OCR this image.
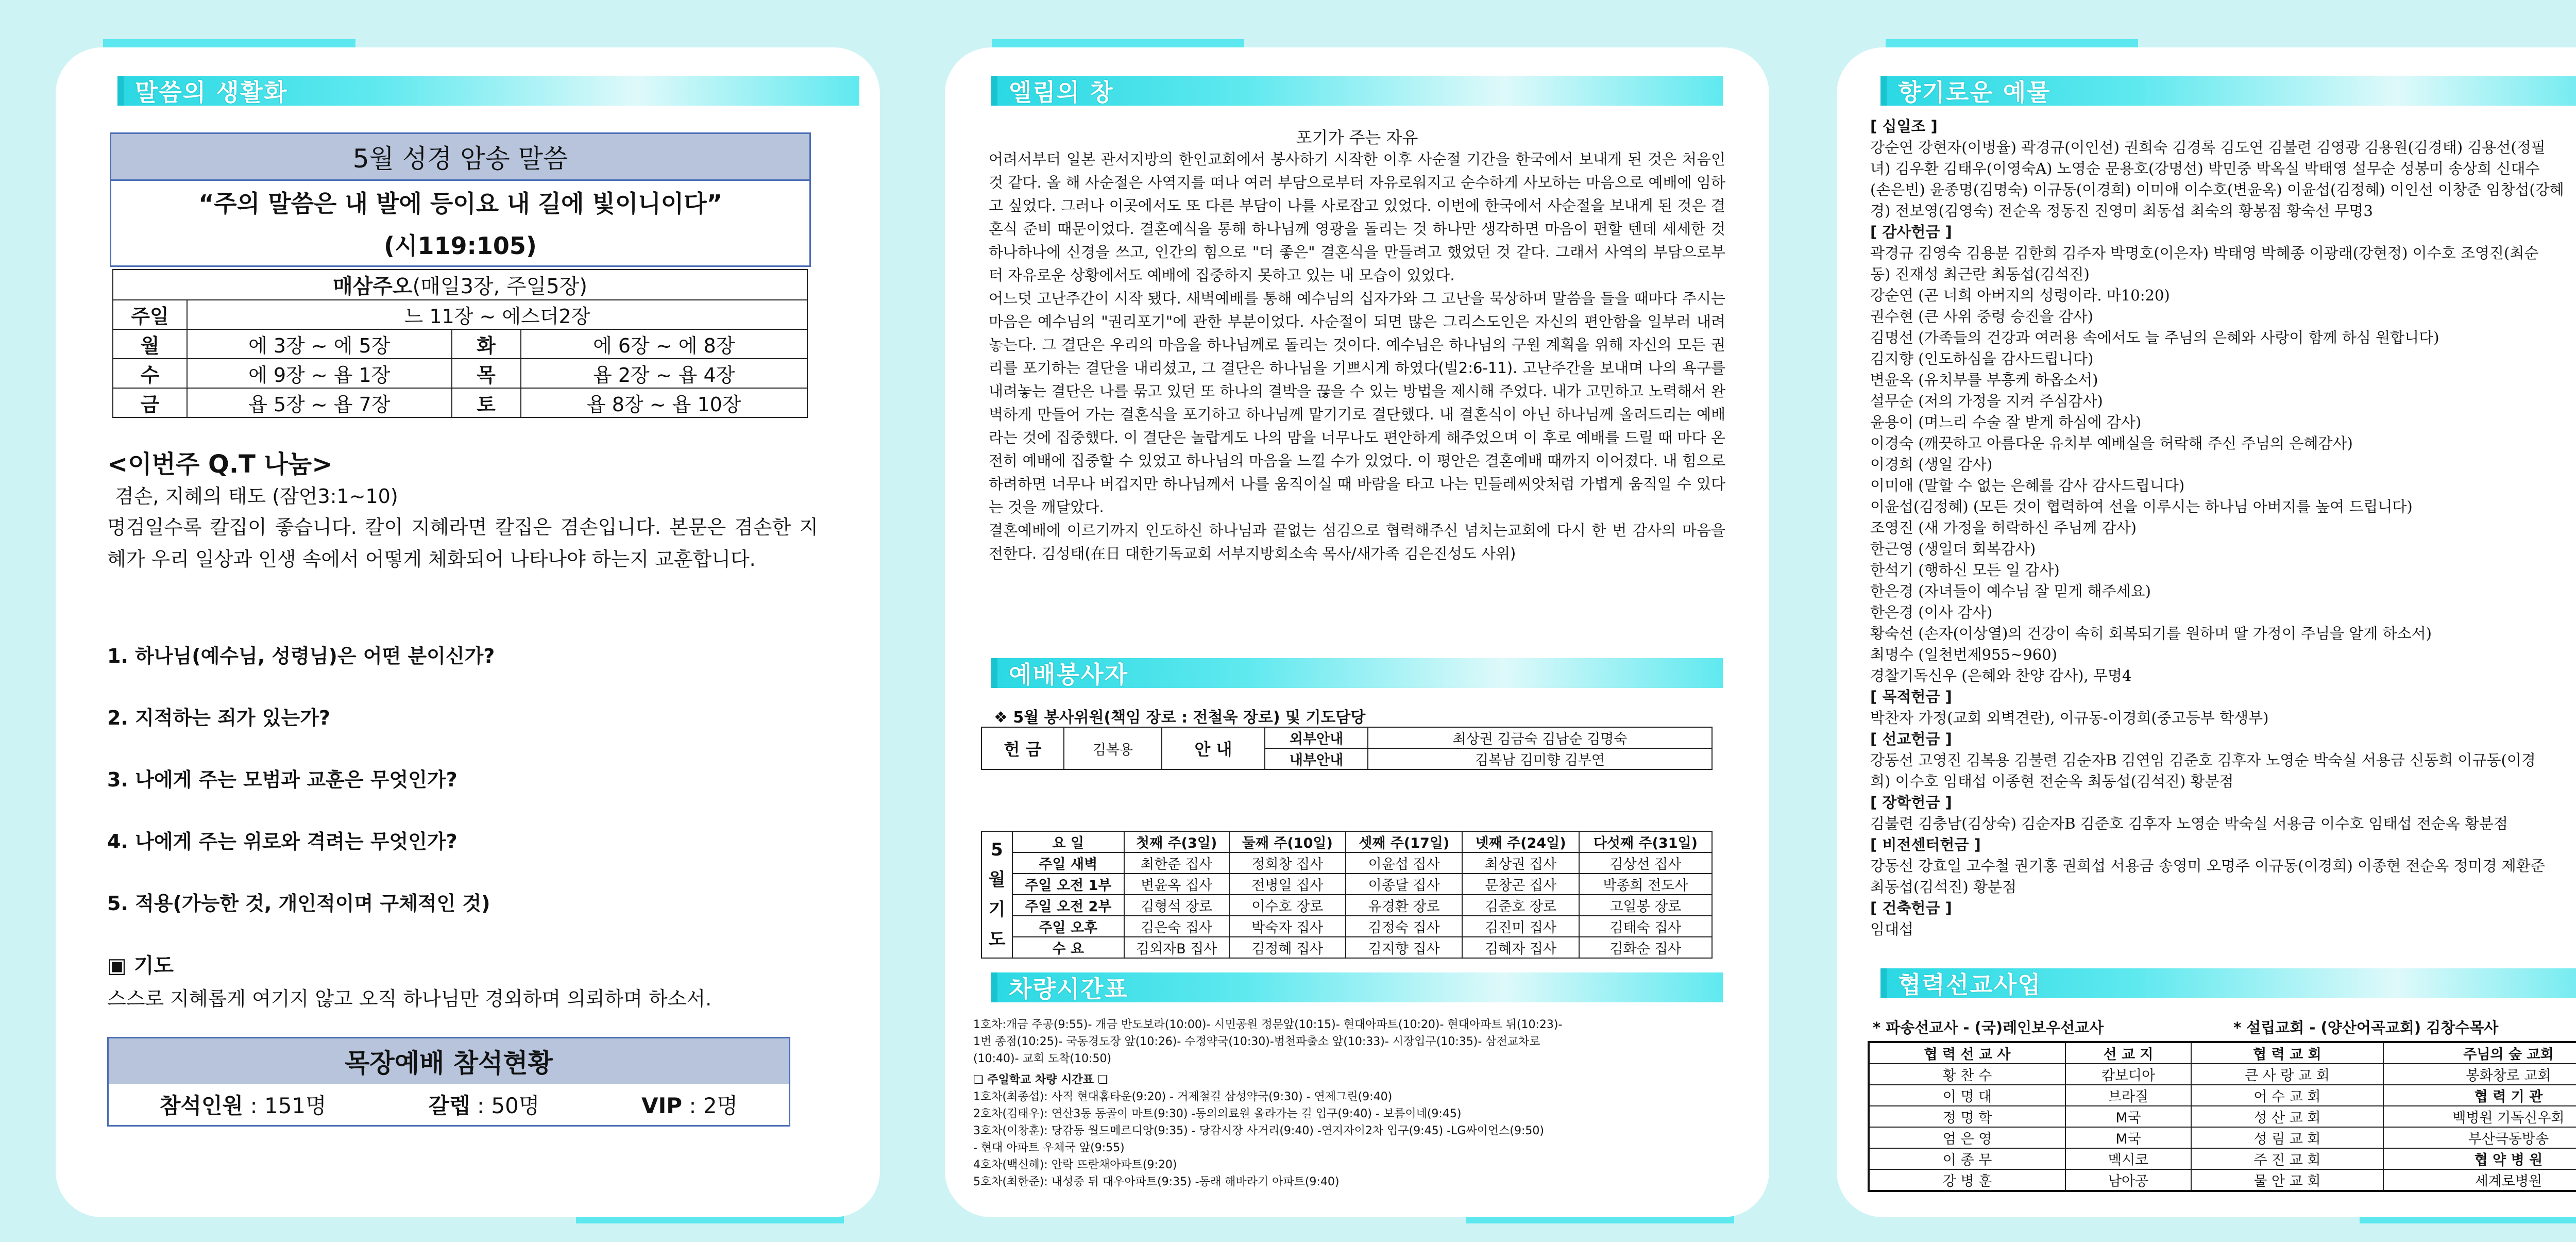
말씀의 생활화
5월 성경 암송 말씀
“주의 말씀은 내 발에 등이요 내 길에 빛이니이다”
(시119:105)
매삼주오(매일3장, 주일5장)			
주일	느 11장 ~ 에스더2장		
월	에 3장 ~ 에 5장	화	에 6장 ~ 에 8장
수	에 9장 ~ 욥 1장	목	욥 2장 ~ 욥 4장
금	욥 5장 ~ 욥 7장	토	욥 8장 ~ 욥 10장
<이번주 Q.T 나눔>
겸손, 지혜의 태도 (잠언3:1~10)
명검일수록 칼집이 좋습니다. 칼이 지혜라면 칼집은 겸손입니다. 본문은 겸손한 지혜가 우리 일상과 인생 속에서 어떻게 체화되어 나타나야 하는지 교훈합니다.
1. 하나님(예수님, 성령님)은 어떤 분이신가?
2. 지적하는 죄가 있는가?
3. 나에게 주는 모범과 교훈은 무엇인가?
4. 나에게 주는 위로와 격려는 무엇인가?
5. 적용(가능한 것, 개인적이며 구체적인 것)
▣ 기도
스스로 지혜롭게 여기지 않고 오직 하나님만 경외하며 의뢰하며 하소서.
목장예배 참석현황
참석인원 : 151명	갈렙 : 50명	VIP : 2명
엘림의 창
포기가 주는 자유

어려서부터 일본 관서지방의 한인교회에서 봉사하기 시작한 이후 사순절 기간을 한국에서 보내게 된 것은 처음인 것 같다. 올 해 사순절은 사역지를 떠나 여러 부담으로부터 자유로워지고 순수하게 사모하는 마음으로 예배에 임하고 싶었다. 그러나 이곳에서도 또 다른 부담이 나를 사로잡고 있었다. 이번에 한국에서 사순절을 보내게 된 것은 결혼식 준비 때문이었다. 결혼예식을 통해 하나님께 영광을 돌리는 것 하나만 생각하면 마음이 편할 텐데 세세한 것 하나하나에 신경을 쓰고, 인간의 힘으로 "더 좋은" 결혼식을 만들려고 했었던 것 같다. 그래서 사역의 부담으로부터 자유로운 상황에서도 예배에 집중하지 못하고 있는 내 모습이 있었다.

어느덧 고난주간이 시작 됐다. 새벽예배를 통해 예수님의 십자가와 그 고난을 묵상하며 말씀을 들을 때마다 주시는 마음은 예수님의 "권리포기"에 관한 부분이었다. 사순절이 되면 많은 그리스도인은 자신의 편안함을 일부러 내려놓는다. 그 결단은 우리의 마음을 하나님께로 돌리는 것이다. 예수님은 하나님의 구원 계획을 위해 자신의 모든 권리를 포기하는 결단을 내리셨고, 그 결단은 하나님을 기쁘시게 하였다(빌2:6-11). 고난주간을 보내며 나의 욕구를 내려놓는 결단은 나를 묶고 있던 또 하나의 결박을 끊을 수 있는 방법을 제시해 주었다. 내가 고민하고 노력해서 완벽하게 만들어 가는 결혼식을 포기하고 하나님께 맡기기로 결단했다. 내 결혼식이 아닌 하나님께 올려드리는 예배라는 것에 집중했다. 이 결단은 놀랍게도 나의 맘을 너무나도 편안하게 해주었으며 이 후로 예배를 드릴 때 마다 온전히 예배에 집중할 수 있었고 하나님의 마음을 느낄 수가 있었다. 이 평안은 결혼예배 때까지 이어졌다. 내 힘으로 하려하면 너무나 버겁지만 하나님께서 나를 움직이실 때 바람을 타고 나는 민들레씨앗처럼 가볍게 움직일 수 있다는 것을 깨달았다.

결혼예배에 이르기까지 인도하신 하나님과 끝없는 섬김으로 협력해주신 넘치는교회에 다시 한 번 감사의 마음을 전한다. 김성태(在日 대한기독교회 서부지방회소속 목사/새가족 김은진성도 사위)

예배봉사자
❖ 5월 봉사위원(책임 장로 : 전철욱 장로) 및 기도담당
헌 금	김복용	안 내	외부안내	최상권 김금숙 김남순 김명숙
			내부안내	김복남 김미향 김부연
5
월
기
도	요 일	첫째 주(3일)	둘째 주(10일)	셋째 주(17일)	넷째 주(24일)	다섯째 주(31일)
	주일 새벽	최한준 집사	정회창 집사	이윤섭 집사	최상권 집사	김상선 집사
	주일 오전 1부	변윤옥 집사	전병일 집사	이종달 집사	문창곤 집사	박종희 전도사
	주일 오전 2부	김형석 장로	이수호 장로	유경환 장로	김준호 장로	고일봉 장로
	주일 오후	김은숙 집사	박숙자 집사	김정숙 집사	김진미 집사	김태숙 집사
	수 요	김외자B 집사	김정혜 집사	김지향 집사	김혜자 집사	김화순 집사
차량시간표
1호차:개금 주공(9:55)- 개금 반도보라(10:00)- 시민공원 정문앞(10:15)- 현대아파트(10:20)- 현대아파트 뒤(10:23)-
1번 종점(10:25)- 국동경도장 앞(10:26)- 수정약국(10:30)-범천파출소 앞(10:33)- 시장입구(10:35)- 삼전교차로
(10:40)- 교회 도착(10:50)
❏ 주일학교 차량 시간표 ❏
1호차(최종섭): 사직 현대홈타운(9:20) - 거제철길 삼성약국(9:30) - 연제그린(9:40)
2호차(김태우): 연산3동 동골이 마트(9:30) -동의의료원 올라가는 길 입구(9:40) - 보름이네(9:45)
3호차(이창훈): 당감동 월드메르디앙(9:35) - 당감시장 사거리(9:40) -연지자이2차 입구(9:45) -LG싸이언스(9:50)
- 현대 아파트 우체국 앞(9:55)
4호차(백신혜): 안락 뜨란채아파트(9:20)
5호차(최한준): 내성중 뒤 대우아파트(9:35) -동래 해바라기 아파트(9:40)
향기로운 예물
[ 십일조 ]
강순연 강현자(이병율) 곽경규(이인선) 권희숙 김경록 김도연 김불련 김영광 김용원(김경태) 김용선(정필
녀) 김우환 김태우(이영숙A) 노영순 문용호(강명선) 박민중 박옥실 박태영 설무순 성봉미 송상희 신대수
(손은빈) 윤종명(김명숙) 이규동(이경희) 이미애 이수호(변윤옥) 이윤섭(김정혜) 이인선 이창준 임창섭(강혜
경) 전보영(김영숙) 전순옥 정동진 진영미 최동섭 최숙의 황봉점 황숙선 무명3
[ 감사헌금 ]
곽경규 김영숙 김용분 김한희 김주자 박명호(이은자) 박태영 박혜종 이광래(강현정) 이수호 조영진(최순
동) 진재성 최근란 최동섭(김석진)
강순연 (곤 너희 아버지의 성령이라. 마10:20)
권수현 (큰 사위 중령 승진을 감사)
김명선 (가족들의 건강과 여러용 속에서도 늘 주님의 은혜와 사랑이 함께 하심 원합니다)
김지향 (인도하심을 감사드립니다)
변윤옥 (유치부를 부흥케 하옵소서)
설무순 (저의 가정을 지켜 주심감사)
윤용이 (며느리 수술 잘 받게 하심에 감사)
이경숙 (깨끗하고 아름다운 유치부 예배실을 허락해 주신 주님의 은혜감사)
이경희 (생일 감사)
이미애 (말할 수 없는 은혜를 감사 감사드립니다)
이윤섭(김정혜) (모든 것이 협력하여 선을 이루시는 하나님 아버지를 높여 드립니다)
조영진 (새 가정을 허락하신 주님께 감사)
한근영 (생일더 회복감사)
한석기 (행하신 모든 일 감사)
한은경 (자녀들이 예수님 잘 믿게 해주세요)
한은경 (이사 감사)
황숙선 (손자(이상열)의 건강이 속히 회복되기를 원하며 딸 가정이 주님을 알게 하소서)
최명수 (일천번제955~960)
경찰기독신우 (은혜와 찬양 감사), 무명4
[ 목적헌금 ]
박찬자 가정(교회 외벽견란), 이규동-이경희(중고등부 학생부)
[ 선교헌금 ]
강동선 고영진 김복용 김불련 김순자B 김연임 김준호 김후자 노영순 박숙실 서용금 신동희 이규동(이경
희) 이수호 임태섭 이종현 전순옥 최동섭(김석진) 황분점
[ 장학헌금 ]
김불련 김충남(김상숙) 김순자B 김준호 김후자 노영순 박숙실 서용금 이수호 임태섭 전순옥 황분점
[ 비전센터헌금 ]
강동선 강효일 고수철 권기홍 권희섭 서용금 송영미 오명주 이규동(이경희) 이종현 전순옥 정미경 제환준
최동섭(김석진) 황분점
[ 건축헌금 ]
임대섭
협력선교사업
* 파송선교사 - (국)레인보우선교사	* 설립교회 - (양산어곡교회) 김창수목사
협 력 선 교 사	선 교 지	협 력 교 회	주님의 숲 교회
황 찬 수	캄보디아	큰 사 랑 교 회	봉화창로 교회
이 명 대	브라질	어 수 교 회	협 력 기 관
정 명 학	M국	성 산 교 회	백병원 기독신우회
엄 은 영	M국	성 림 교 회	부산극동방송
이 종 무	멕시코	주 진 교 회	협 약 병 원
강 병 훈	남아공	물 안 교 회	세계로병원
